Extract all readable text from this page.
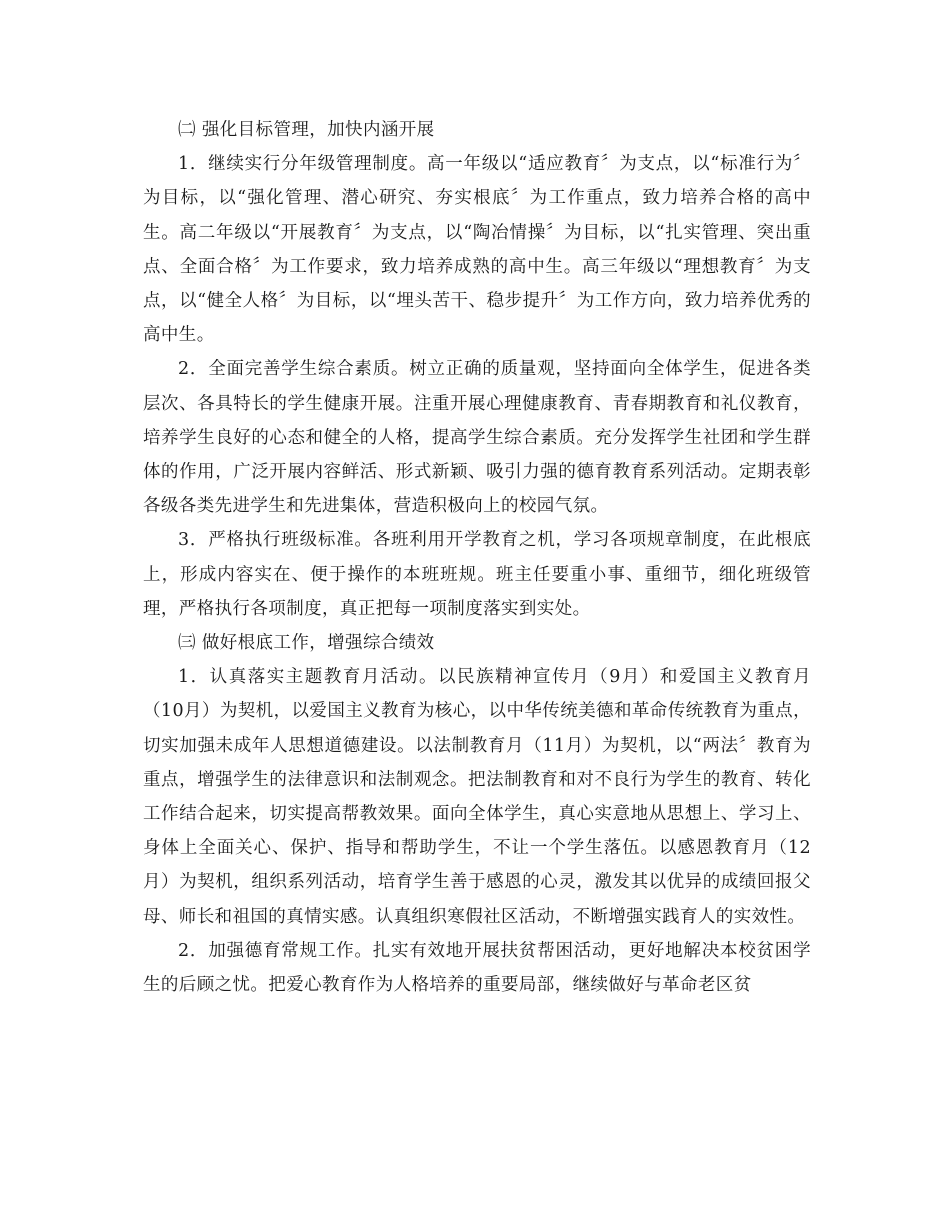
㈡ 强化目标管理，加快内涵开展

1．继续实行分年级管理制度。高一年级以“适应教育〞为支点，以“标准行为〞为目标，以“强化管理、潜心研究、夯实根底〞为工作重点，致力培养合格的高中生。高二年级以“开展教育〞为支点，以“陶冶情操〞为目标，以“扎实管理、突出重点、全面合格〞为工作要求，致力培养成熟的高中生。高三年级以“理想教育〞为支点，以“健全人格〞为目标，以“埋头苦干、稳步提升〞为工作方向，致力培养优秀的高中生。

2．全面完善学生综合素质。树立正确的质量观，坚持面向全体学生，促进各类层次、各具特长的学生健康开展。注重开展心理健康教育、青春期教育和礼仪教育，培养学生良好的心态和健全的人格，提高学生综合素质。充分发挥学生社团和学生群体的作用，广泛开展内容鲜活、形式新颖、吸引力强的德育教育系列活动。定期表彰各级各类先进学生和先进集体，营造积极向上的校园气氛。

3．严格执行班级标准。各班利用开学教育之机，学习各项规章制度，在此根底上，形成内容实在、便于操作的本班班规。班主任要重小事、重细节，细化班级管理，严格执行各项制度，真正把每一项制度落实到实处。

㈢ 做好根底工作，增强综合绩效

1．认真落实主题教育月活动。以民族精神宣传月（9月）和爱国主义教育月（10月）为契机，以爱国主义教育为核心，以中华传统美德和革命传统教育为重点，切实加强未成年人思想道德建设。以法制教育月（11月）为契机，以“两法〞教育为重点，增强学生的法律意识和法制观念。把法制教育和对不良行为学生的教育、转化工作结合起来，切实提高帮教效果。面向全体学生，真心实意地从思想上、学习上、身体上全面关心、保护、指导和帮助学生，不让一个学生落伍。以感恩教育月（12月）为契机，组织系列活动，培育学生善于感恩的心灵，激发其以优异的成绩回报父母、师长和祖国的真情实感。认真组织寒假社区活动，不断增强实践育人的实效性。

2．加强德育常规工作。扎实有效地开展扶贫帮困活动，更好地解决本校贫困学生的后顾之忧。把爱心教育作为人格培养的重要局部，继续做好与革命老区贫
